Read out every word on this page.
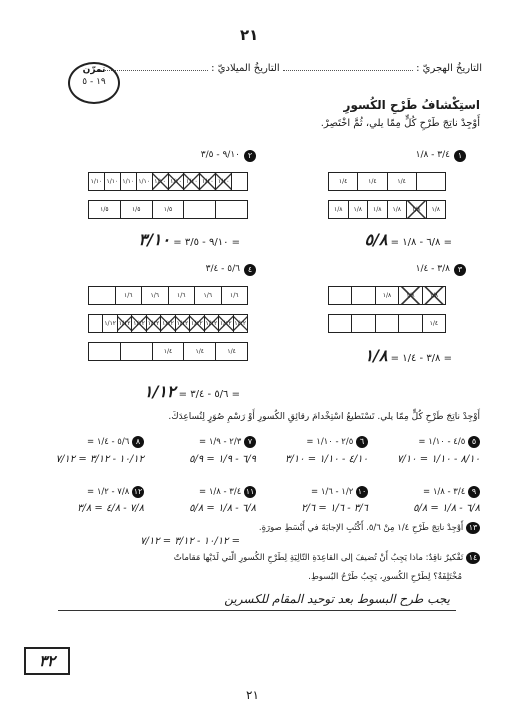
٢١
التاريخُ الهجريّ :  التاريخُ الميلاديّ :
تمرّن
١٩ - ٥
استِكْشافُ طَرْحِ الكُسورِ
أَوْجِدْ ناتِجَ طَرْحِ كُلٍّ مِمّا يلي، ثُمَّ اخْتَصِرْ.
١
٣/٤ - ١/٨
١/٤	١/٤	١/٤
١/٨	١/٨	١/٨	١/٨	١/٨	١/٨
= ٦/٨ - ١/٨ = ٥/٨
٢
٩/١٠ - ٣/٥
١/١٠ ١/١٠ ١/١٠ ١/١٠ ١/١٠ ١/١٠ ١/١٠ ١/١٠ ١/١٠
١/٥	١/٥	١/٥
= ٩/١٠ - ٣/٥ = ٣/١٠
٣
٣/٨ - ١/٤
١/٨	١/٨	١/٨
١/٤
= ٣/٨ - ١/٤ = ١/٨
٤
٥/٦ - ٣/٤
١/٦	١/٦	١/٦	١/٦	١/٦
١/١٢ ١/١٢ ١/١٢ ١/١٢ ١/١٢ ١/١٢ ١/١٢ ١/١٢ ١/١٢ ١/١٢
١/٤	١/٤	١/٤
= ٥/٦ - ٣/٤ = ١/١٢
أَوْجِدْ ناتِجَ طَرْحِ كُلٍّ مِمّا يلي. تَسْتَطيعُ اسْتِخْدامَ رقائِقِ الكُسورِ أَوْ رَسْمِ صُوَرٍ لِتُساعِدَكَ.
٥ ٤/٥ - ١/١٠ =
٨/١٠ - ١/١٠ = ٧/١٠
٦ ٢/٥ - ١/١٠ =
٤/١٠ - ١/١٠ = ٣/١٠
٧ ٢/٣ - ١/٩ =
٦/٩ - ١/٩ = ٥/٩
٨ ٥/٦ - ١/٤ =
١٠/١٢ - ٣/١٢ = ٧/١٢
٩ ٣/٤ - ١/٨ =
٦/٨ - ١/٨ = ٥/٨
١٠ ١/٢ - ١/٦ =
٣/٦ - ١/٦ = ٢/٦
١١ ٣/٤ - ١/٨ =
٦/٨ - ١/٨ = ٥/٨
١٢ ٧/٨ - ١/٢ =
٧/٨ - ٤/٨ = ٣/٨
١٣ أَوْجِدْ ناتِجَ طَرْحِ ١/٤ مِنْ ٥/٦. أَكْتُبِ الإجابَةَ في أَبْسَطِ صورَةٍ.
= ١٠/١٢ - ٣/١٢ = ٧/١٢
١٤ تَفْكيرٌ ناقِدٌ: ماذا يَجِبُ أَنْ تُضيفَ إلى القاعِدَةِ التّالِيَةِ لِطَرْحِ الكُسورِ الّتي لَدَيْها مَقاماتٌ
مُخْتَلِفَةٌ؟ لِطَرْحِ الكُسورِ، يَجِبُ طَرْحُ البُسوطِ.
يجب طرح البسوط بعد توحيد المقام للكسرين
٣٢
٢١
